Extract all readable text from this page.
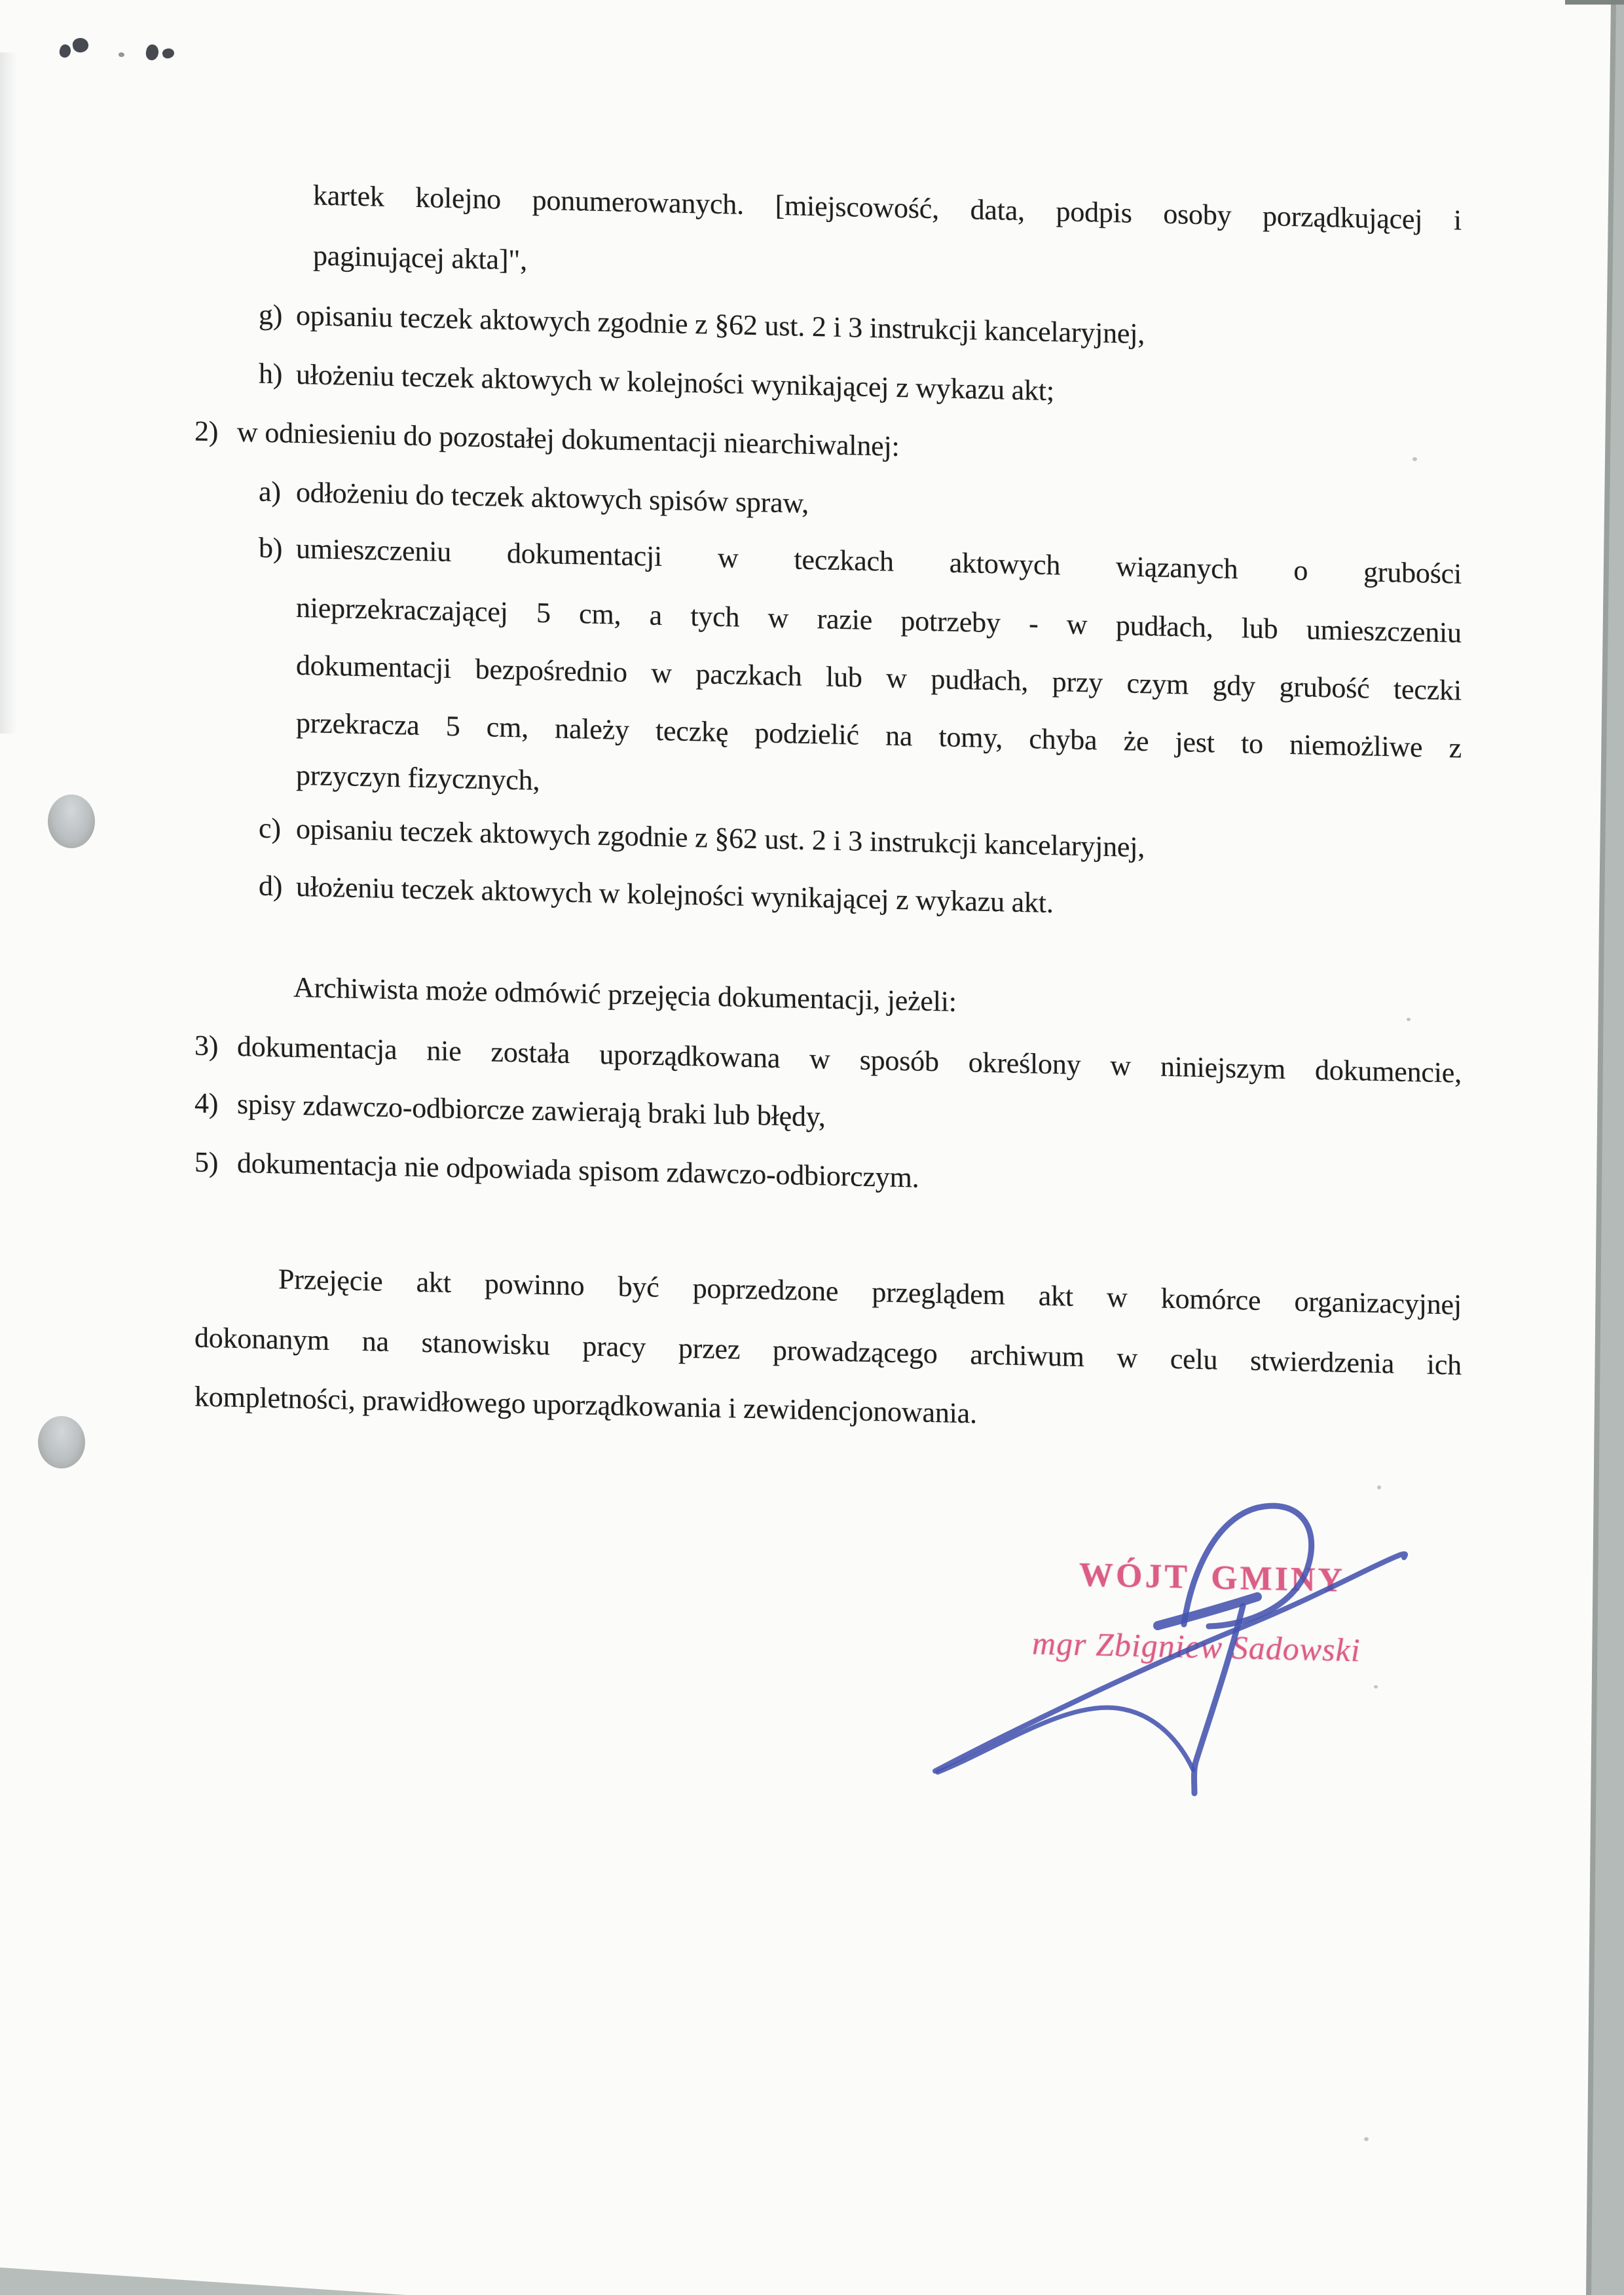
kartek kolejno ponumerowanych. [miejscowość, data, podpis osoby porządkującej i
paginującej akta]",
g) opisaniu teczek aktowych zgodnie z §62 ust. 2 i 3 instrukcji kancelaryjnej,
h) ułożeniu teczek aktowych w kolejności wynikającej z wykazu akt;
2) w odniesieniu do pozostałej dokumentacji niearchiwalnej:
a) odłożeniu do teczek aktowych spisów spraw,
b) umieszczeniu dokumentacji w teczkach aktowych wiązanych o grubości
nieprzekraczającej 5 cm, a tych w razie potrzeby - w pudłach, lub umieszczeniu
dokumentacji bezpośrednio w paczkach lub w pudłach, przy czym gdy grubość teczki
przekracza 5 cm, należy teczkę podzielić na tomy, chyba że jest to niemożliwe z
przyczyn fizycznych,
c) opisaniu teczek aktowych zgodnie z §62 ust. 2 i 3 instrukcji kancelaryjnej,
d) ułożeniu teczek aktowych w kolejności wynikającej z wykazu akt.
Archiwista może odmówić przejęcia dokumentacji, jeżeli:
3) dokumentacja nie została uporządkowana w sposób określony w niniejszym dokumencie,
4) spisy zdawczo-odbiorcze zawierają braki lub błędy,
5) dokumentacja nie odpowiada spisom zdawczo-odbiorczym.
Przejęcie akt powinno być poprzedzone przeglądem akt w komórce organizacyjnej
dokonanym na stanowisku pracy przez prowadzącego archiwum w celu stwierdzenia ich
kompletności, prawidłowego uporządkowania i zewidencjonowania.
WÓJT GMINY
mgr Zbigniew Sadowski
